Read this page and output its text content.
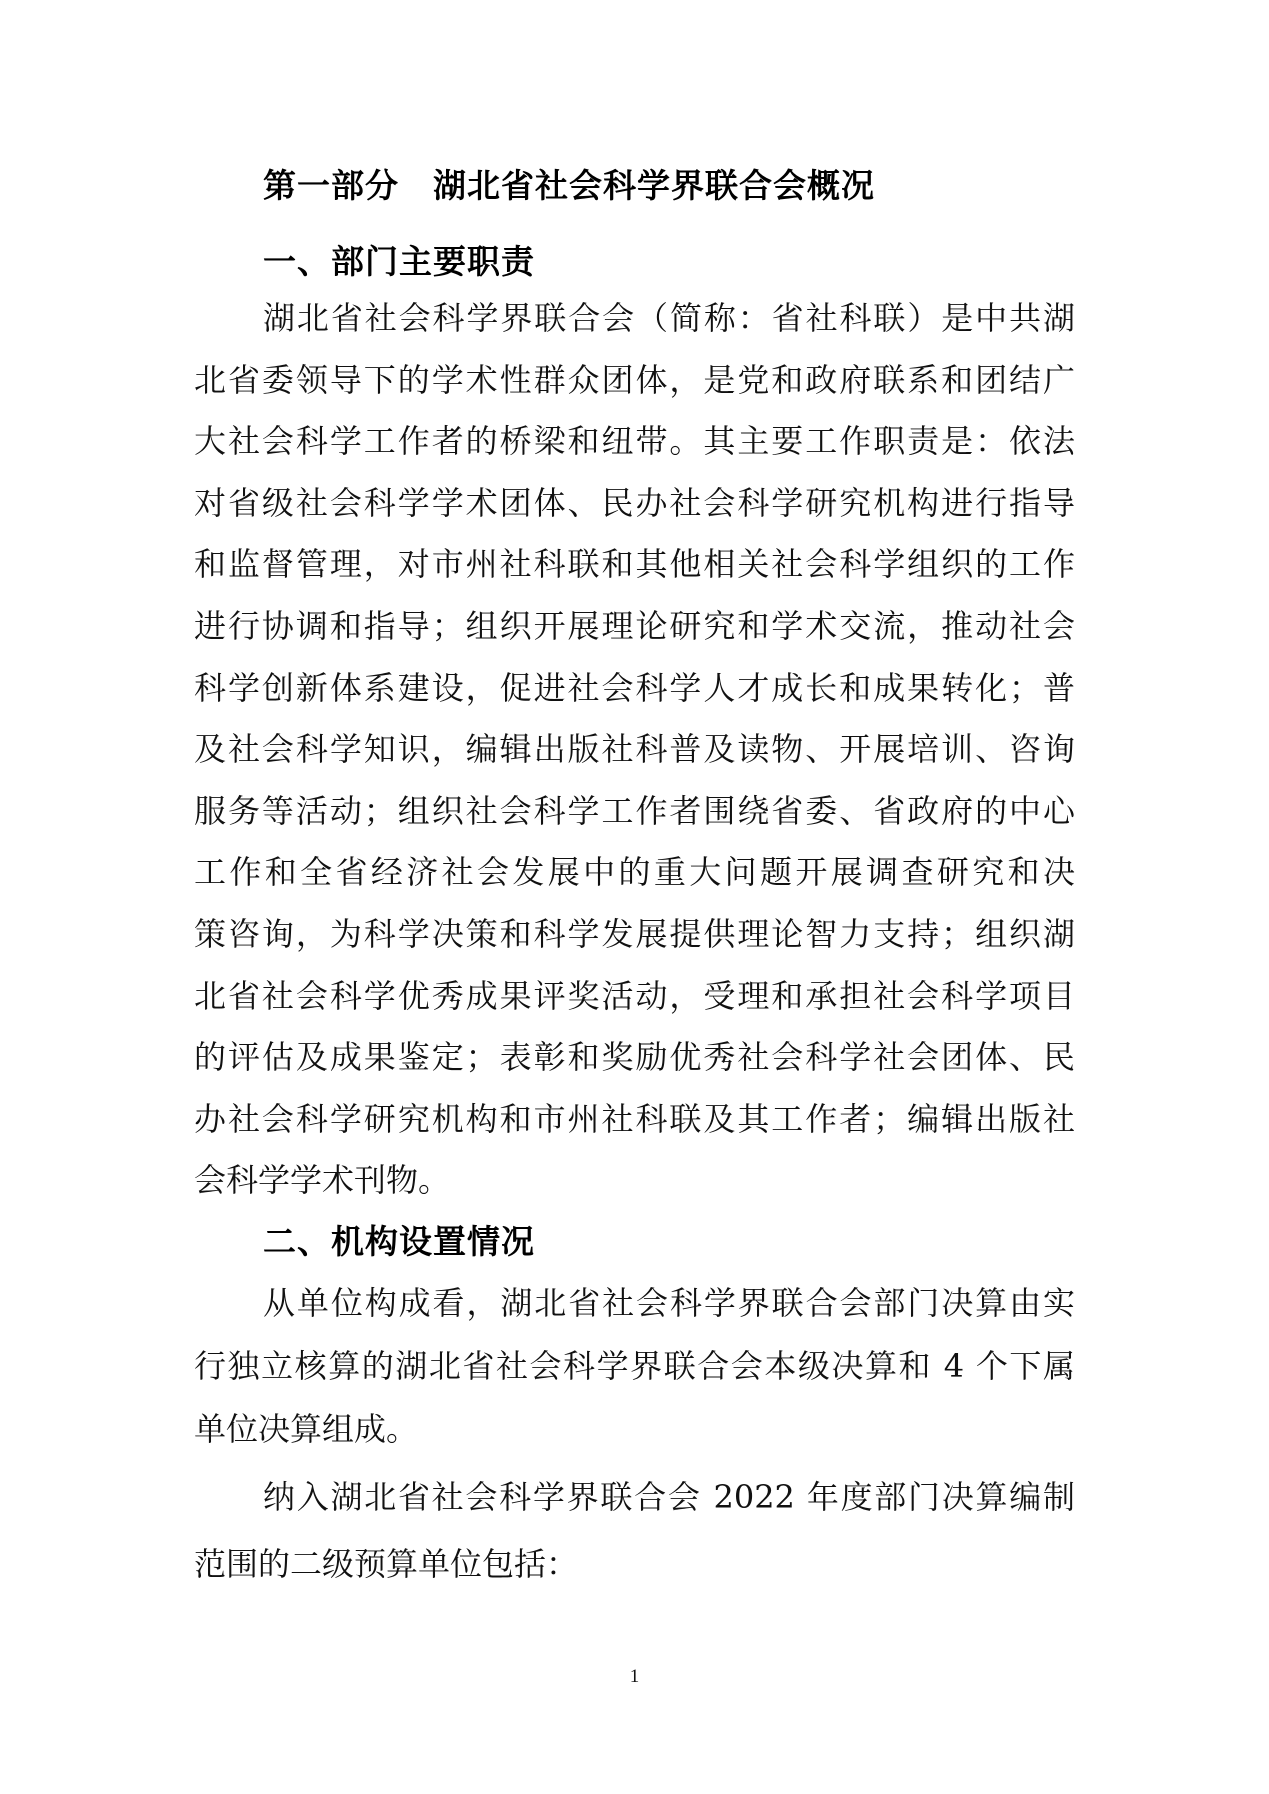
第一部分　湖北省社会科学界联合会概况
一、部门主要职责
湖北省社会科学界联合会（简称：省社科联）是中共湖
北省委领导下的学术性群众团体，是党和政府联系和团结广
大社会科学工作者的桥梁和纽带。其主要工作职责是：依法
对省级社会科学学术团体、民办社会科学研究机构进行指导
和监督管理，对市州社科联和其他相关社会科学组织的工作
进行协调和指导；组织开展理论研究和学术交流，推动社会
科学创新体系建设，促进社会科学人才成长和成果转化；普
及社会科学知识，编辑出版社科普及读物、开展培训、咨询
服务等活动；组织社会科学工作者围绕省委、省政府的中心
工作和全省经济社会发展中的重大问题开展调查研究和决
策咨询，为科学决策和科学发展提供理论智力支持；组织湖
北省社会科学优秀成果评奖活动，受理和承担社会科学项目
的评估及成果鉴定；表彰和奖励优秀社会科学社会团体、民
办社会科学研究机构和市州社科联及其工作者；编辑出版社
会科学学术刊物。
二、机构设置情况
从单位构成看，湖北省社会科学界联合会部门决算由实
行独立核算的湖北省社会科学界联合会本级决算和 4 个下属
单位决算组成。
纳入湖北省社会科学界联合会 2022 年度部门决算编制
范围的二级预算单位包括：
1
